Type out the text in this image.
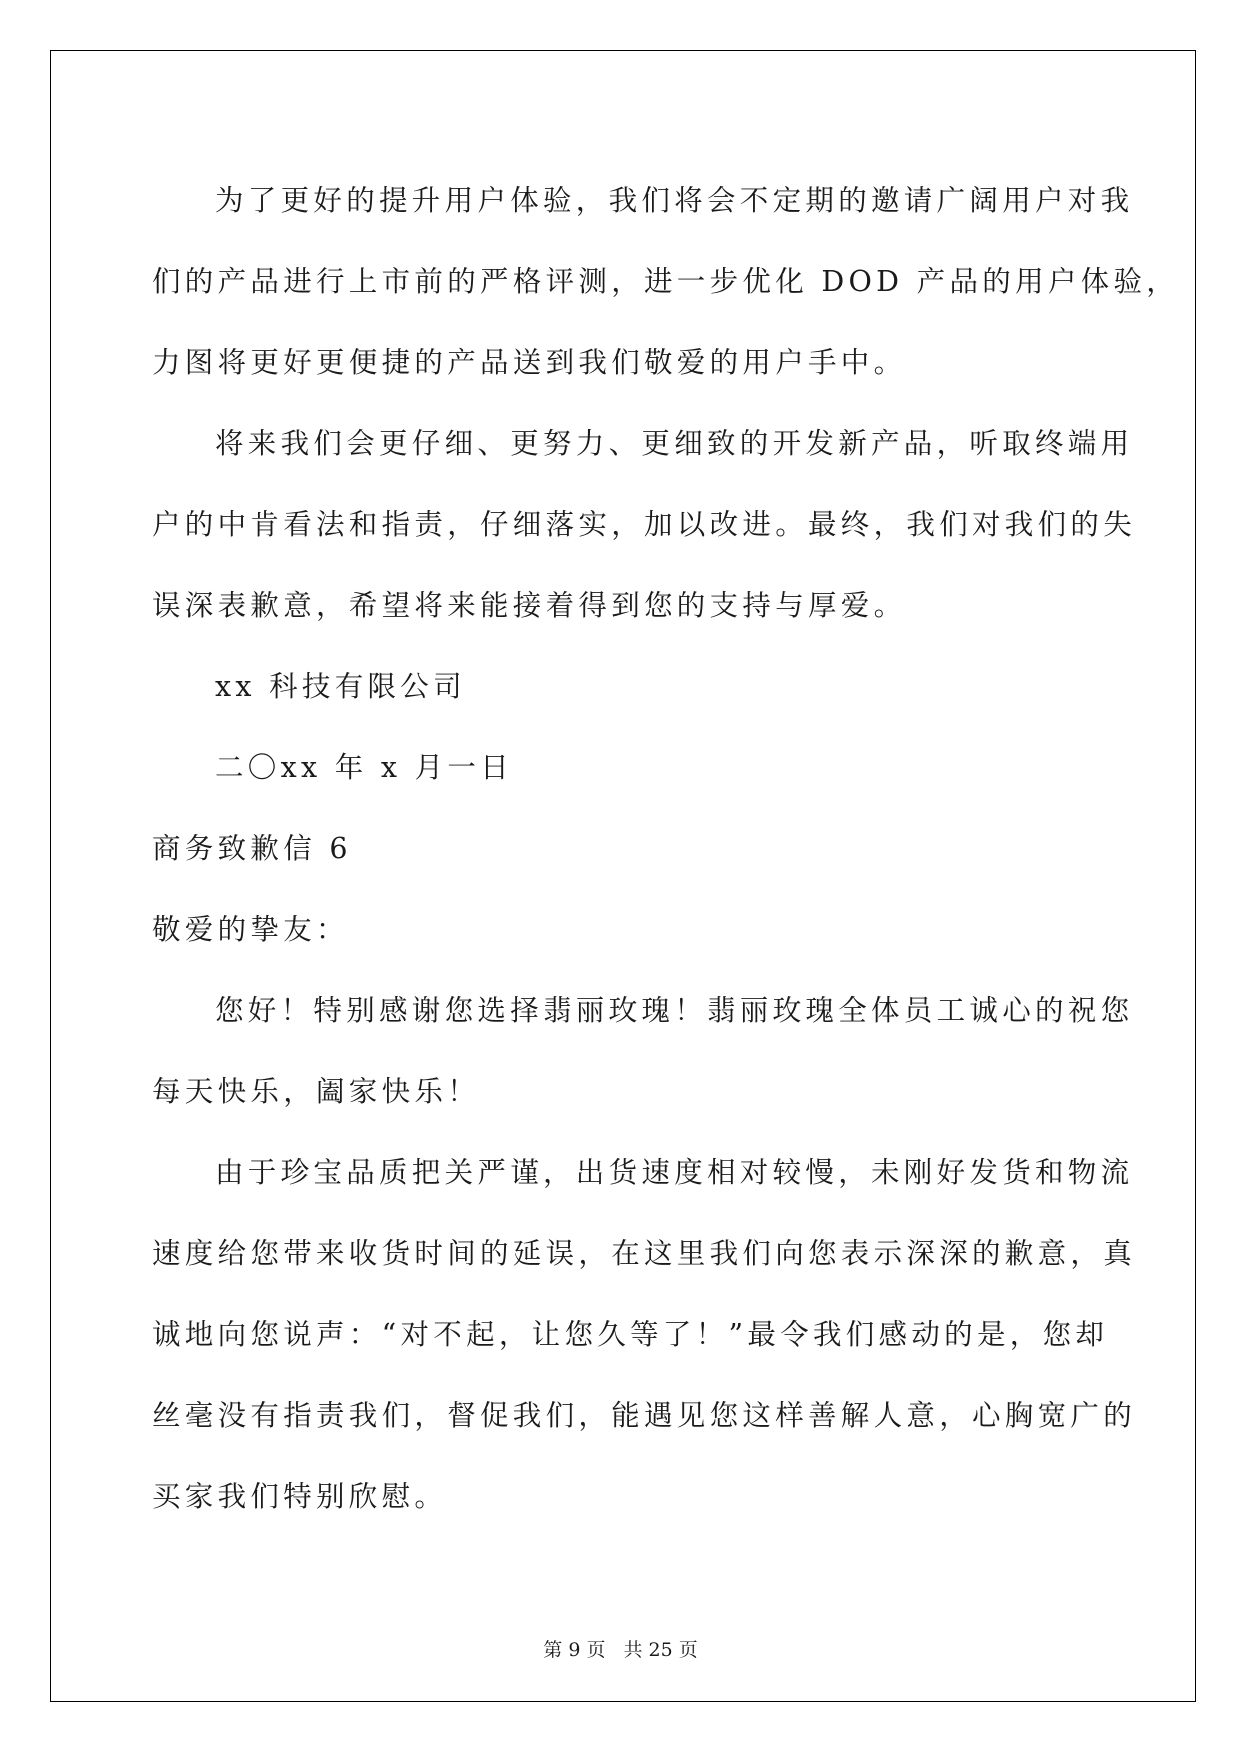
为了更好的提升用户体验，我们将会不定期的邀请广阔用户对我
们的产品进行上市前的严格评测，进一步优化 DOD 产品的用户体验，
力图将更好更便捷的产品送到我们敬爱的用户手中。
将来我们会更仔细、更努力、更细致的开发新产品，听取终端用
户的中肯看法和指责，仔细落实，加以改进。最终，我们对我们的失
误深表歉意，希望将来能接着得到您的支持与厚爱。
xx 科技有限公司
二〇xx 年 x 月一日
商务致歉信 6
敬爱的挚友：
您好！特别感谢您选择翡丽玫瑰！翡丽玫瑰全体员工诚心的祝您
每天快乐，阖家快乐！
由于珍宝品质把关严谨，出货速度相对较慢，未刚好发货和物流
速度给您带来收货时间的延误，在这里我们向您表示深深的歉意，真
诚地向您说声：“对不起，让您久等了！”最令我们感动的是，您却
丝毫没有指责我们，督促我们，能遇见您这样善解人意，心胸宽广的
买家我们特别欣慰。
第 9 页 共 25 页
